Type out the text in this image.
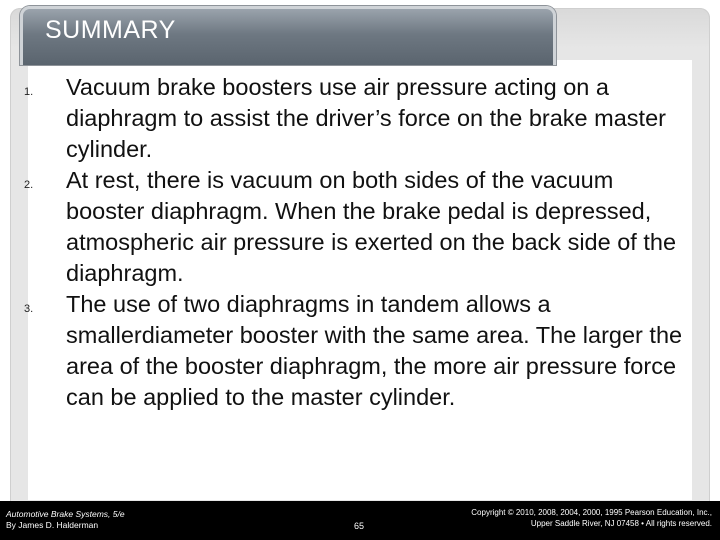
SUMMARY
1. Vacuum brake boosters use air pressure acting on a diaphragm to assist the driver’s force on the brake master cylinder.
2. At rest, there is vacuum on both sides of the vacuum booster diaphragm. When the brake pedal is depressed, atmospheric air pressure is exerted on the back side of the diaphragm.
3. The use of two diaphragms in tandem allows a smallerdiameter booster with the same area. The larger the area of the booster diaphragm, the more air pressure force can be applied to the master cylinder.
Automotive Brake Systems, 5/e
By James D. Halderman	65
Copyright © 2010, 2008, 2004, 2000, 1995 Pearson Education, Inc.,
Upper Saddle River, NJ 07458 • All rights reserved.
